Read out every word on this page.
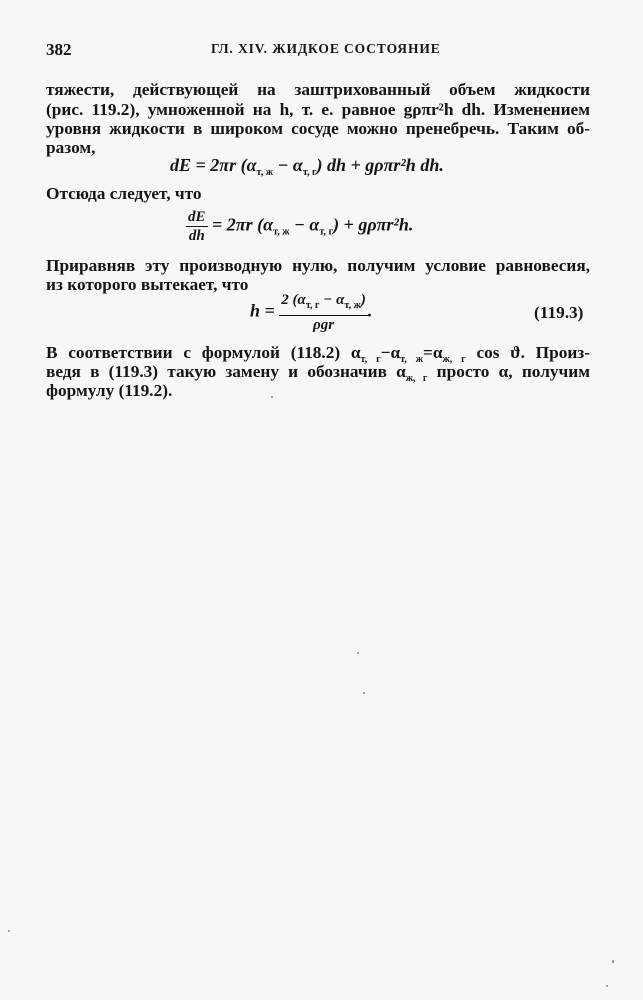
382	ГЛ. XIV. ЖИДКОЕ СОСТОЯНИЕ
тяжести, действующей на заштрихованный объем жидкости
(рис. 119.2), умноженной на h, т. е. равное gρπr²h dh. Изменением
уровня жидкости в широком сосуде можно пренебречь. Таким об-
разом,
dE = 2πr $(\alpha_{т, ж} - \alpha_{т, г})$ dh + gρπr²h dh.
Отсюда следует, что
$\frac{dE}{dh} = 2\pi r$ $(\alpha_{т, ж} - \alpha_{т, г}) + g\rho\pi r^2h$.
Приравняв эту производную нулю, получим условие равновесия,
из которого вытекает, что
$h = \frac{2 (\alpha_{т, г} - \alpha_{т, ж})}{\text{ρgr}}$ .	(119.3)
В соответствии с формулой (118.2) $\alpha_{т, г}-\alpha_{т, ж}=\alpha_{ж, г}$ cos ϑ. Произ-
ведя в (119.3) такую замену и обозначив $\alpha_{ж, г}$ просто α, получим
формулу (119.2).
